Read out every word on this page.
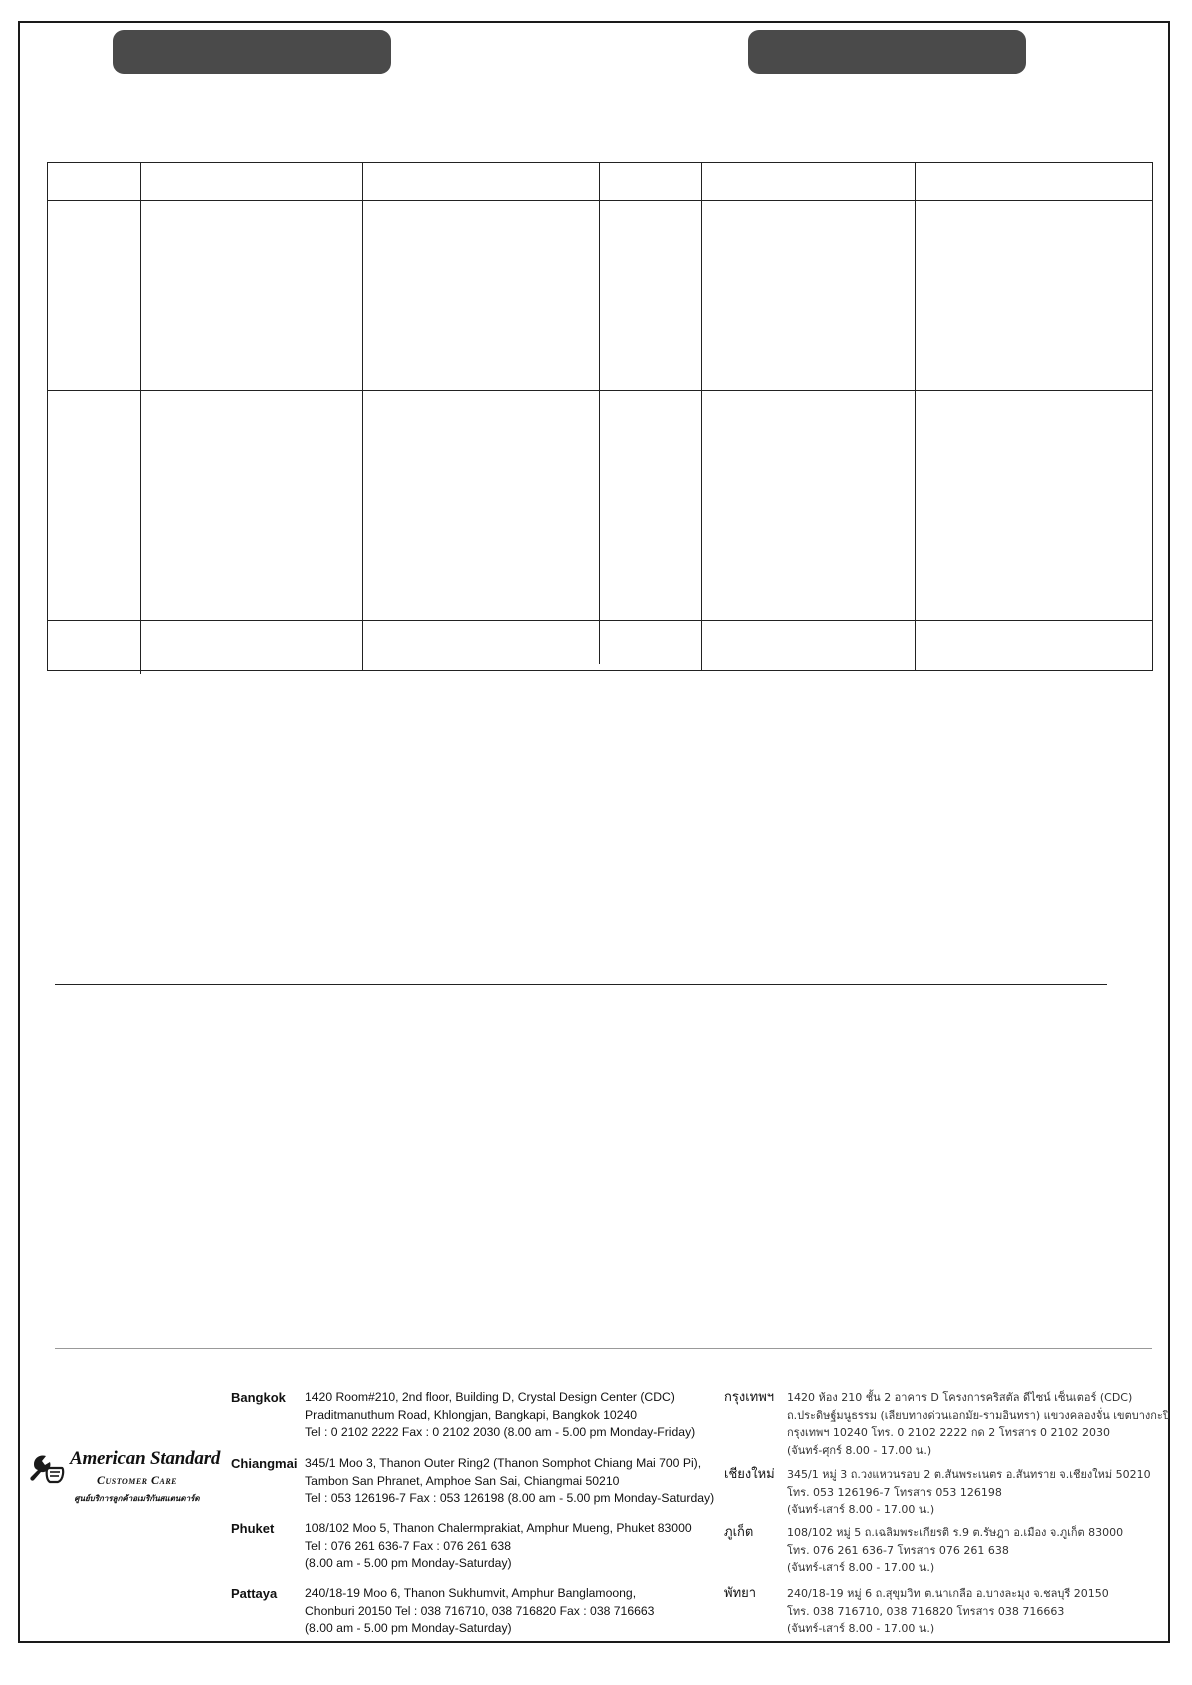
American Standard
Customer Care
ศูนย์บริการลูกค้าอเมริกันสแตนดาร์ด
Bangkok 1420 Room#210, 2nd floor, Building D, Crystal Design Center (CDC)
Praditmanuthum Road, Khlongjan, Bangkapi, Bangkok 10240
Tel : 0 2102 2222 Fax : 0 2102 2030 (8.00 am - 5.00 pm Monday-Friday)
Chiangmai 345/1 Moo 3, Thanon Outer Ring2 (Thanon Somphot Chiang Mai 700 Pi),
Tambon San Phranet, Amphoe San Sai, Chiangmai 50210
Tel : 053 126196-7 Fax : 053 126198 (8.00 am - 5.00 pm Monday-Saturday)
Phuket	108/102 Moo 5, Thanon Chalermprakiat, Amphur Mueng, Phuket 83000
Tel : 076 261 636-7 Fax : 076 261 638
(8.00 am - 5.00 pm Monday-Saturday)
Pattaya 240/18-19 Moo 6, Thanon Sukhumvit, Amphur Banglamoong,
Chonburi 20150 Tel : 038 716710, 038 716820 Fax : 038 716663
(8.00 am - 5.00 pm Monday-Saturday)
กรุงเทพฯ 1420 ห้อง 210 ชั้น 2 อาคาร D โครงการคริสตัล ดีไซน์ เซ็นเตอร์ (CDC)
ถ.ประดิษฐ์มนูธรรม (เลียบทางด่วนเอกมัย-รามอินทรา) แขวงคลองจั่น เขตบางกะปิ
กรุงเทพฯ 10240 โทร. 0 2102 2222 กด 2 โทรสาร 0 2102 2030
(จันทร์-ศุกร์ 8.00 - 17.00 น.)
เชียงใหม่ 345/1 หมู่ 3 ถ.วงแหวนรอบ 2 ต.สันพระเนตร อ.สันทราย จ.เชียงใหม่ 50210
โทร. 053 126196-7 โทรสาร 053 126198
(จันทร์-เสาร์ 8.00 - 17.00 น.)
ภูเก็ต	108/102 หมู่ 5 ถ.เฉลิมพระเกียรติ ร.9 ต.รัษฎา อ.เมือง จ.ภูเก็ต 83000
โทร. 076 261 636-7 โทรสาร 076 261 638
(จันทร์-เสาร์ 8.00 - 17.00 น.)
พัทยา	240/18-19 หมู่ 6 ถ.สุขุมวิท ต.นาเกลือ อ.บางละมุง จ.ชลบุรี 20150
โทร. 038 716710, 038 716820 โทรสาร 038 716663
(จันทร์-เสาร์ 8.00 - 17.00 น.)
